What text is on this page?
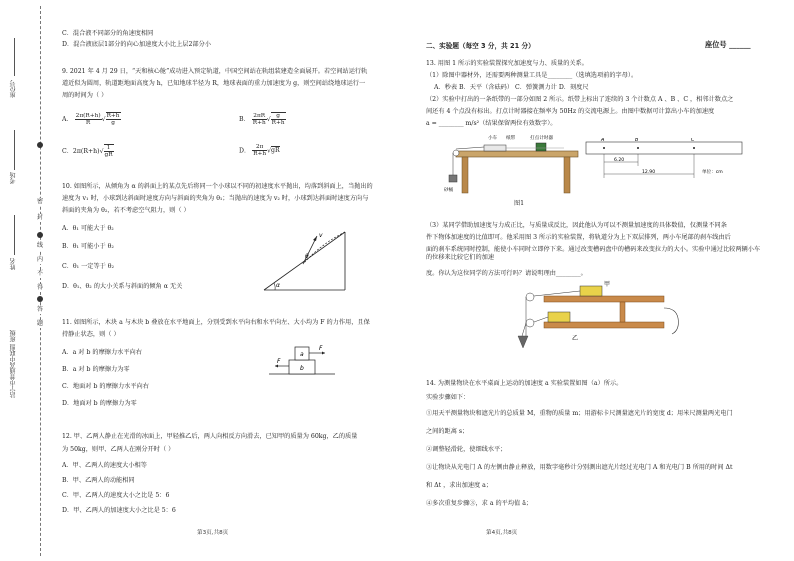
座位号
考场
姓名
沾宁市普通高中联盟 班级
密
封
线
内
不
得
答
题

C．混合液不同部分的角速度相同

D．混合液底层1部分的向心加速度大小比上层2部分小

9. 2021 年 4 月 29 日，“天和核心舱”成功进入预定轨道，中国空间站在轨组装建造全面展开。若空间站运行轨

道近似为圆周，轨道距地面高度为 h，已知地球半径为 R，地球表面的重力加速度为 g，则空间站绕地球运行一

周的时间为（ ）

A． $\frac{2\pi(R+h)}{R}$ √ $\frac{R+h}{g}$	B． $\frac{2\pi R}{R+h}$ √ $\frac{g}{R+h}$

C．$2\pi(R+h)√ \frac{1}{gR}$	D． $\frac{2\pi}{R+h} √gR$

10. 如图所示，从倾角为 α 的斜面上的某点先后将同一个小球以不同的初速度水平抛出，均落到斜面上，当抛出的

速度为 v₁ 时，小球到达斜面时速度方向与斜面的夹角为 θ₁；当抛出的速度为 v₂ 时，小球到达斜面时速度方向与

斜面的夹角为 θ₂，若不考虑空气阻力，则（ ）

A．θ₁ 可能大于 θ₂

B．θ₁ 可能小于 θ₂

C．θ₁ 一定等于 θ₂

D．θ₁、θ₂ 的大小关系与斜面的倾角 α 无关	α
θ
v

11. 如图所示，木块 a 与木块 b 叠放在水平地面上，分别受到水平向右和水平向左、大小均为 F 的力作用，且保

持静止状态，则（ ）

A．a 对 b 的摩擦力水平向右

B．a 对 b 的摩擦力为零

C．地面对 b 的摩擦力水平向右

D．地面对 b 的摩擦力为零

a
b
F
F

12. 甲、乙两人静止在光滑的冰面上，甲轻推乙后，两人向相反方向滑去，已知甲的质量为 60kg，乙的质量

为 50kg，则甲、乙两人在刚分开时（ ）

A．甲、乙两人的速度大小相等

B．甲、乙两人的动能相同

C．甲、乙两人的速度大小之比是 5：6

D．甲、乙两人的加速度大小之比是 5：6

第3页,共8页
座位号 ______

二、实验题（每空 3 分，共 21 分）

13. 用图 1 所示的实验装置探究加速度与力、质量的关系。

（1）除图中器材外，还需要两种测量工具是________（选填选项前的字母）。

A．秒表 B．天平（含砝码） C．弹簧测力计 D．刻度尺

（2）实验中打出的一条纸带的一部分如图 2 所示。纸带上标出了连续的 3 个计数点 A 、B 、C ，相邻计数点之

间还有 4 个点没有标出。打点计时器接在频率为 50Hz 的交流电源上。由图中数据可计算出小车的加速度

a = ________ m/s²（结果保留两位有效数字）。

小车 纸带	打点计时器
砂桶

图1

A	B	C
6.20
12.90	单位：cm

（3）某同学借助加速度与力成正比，与质量成反比，因此他认为可以不测量加速度的具体数值，仅测量不同条

件下物体加速度的比值即可。他采用图 3 所示的实验装置，将轨道分为上下双层排列，两小车尾部的刹车线由后

面的刹车系统同时控制，能使小车同时立即停下来。通过改变槽码盘中的槽码来改变拉力的大小。实验中通过比较两辆小车的位移来比较它们的加速

度。你认为这位同学的方法可行吗？请说明理由________。

甲
乙

14. 为测量物块在水平桌面上运动的加速度 a 实验装置如图（a）所示。

实验步骤如下：

①用天平测量物块和遮光片的总质量 M，重物的质量 m；用游标卡尺测量遮光片的宽度 d；用米尺测量两光电门

之间的距离 s；

②调整轻滑轮，使细线水平；

③让物块从光电门 A 的左侧由静止释放，用数字毫秒计分别测出遮光片经过光电门 A 和光电门 B 所用的时间 Δt

和 Δt ，求出加速度 a；

④多次重复步骤③，求 a 的平均值 ā；

第4页,共8页
